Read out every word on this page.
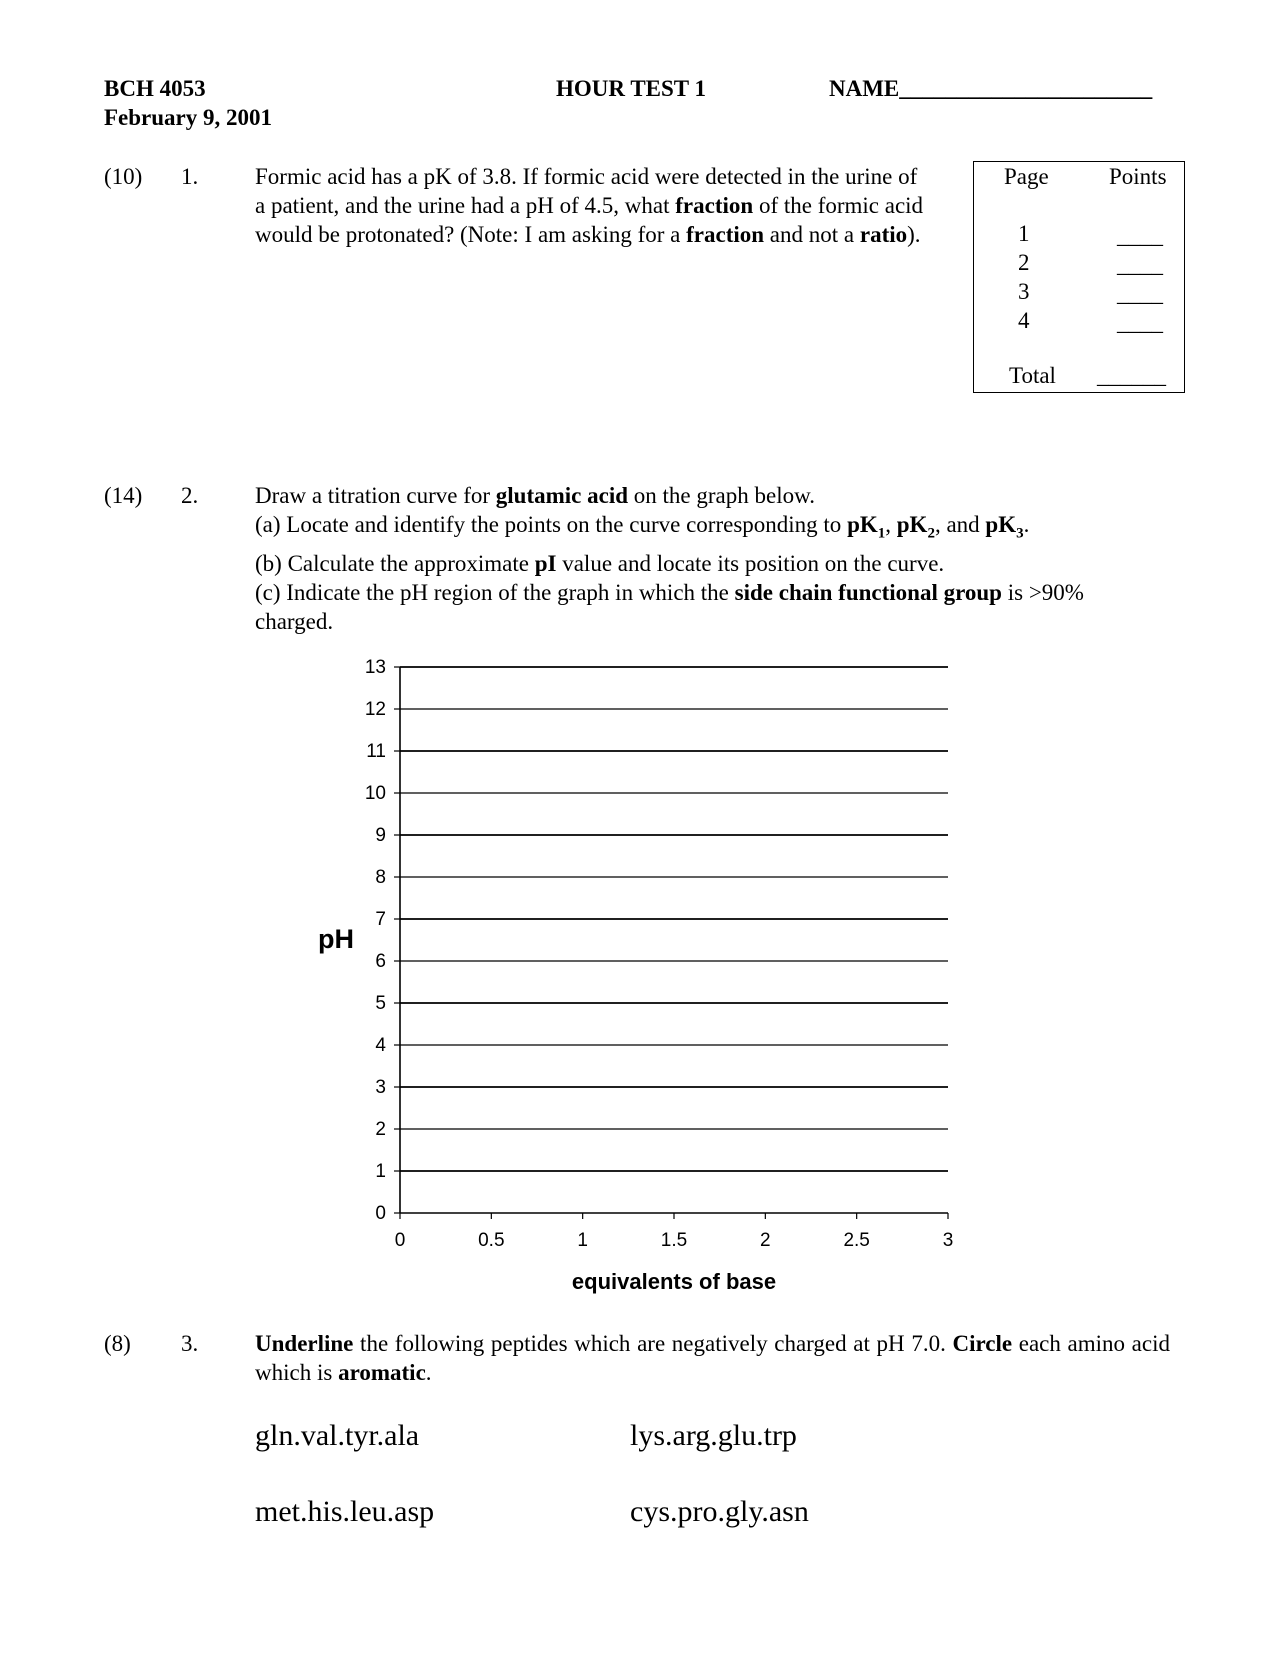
BCH 4053
February 9, 2001
HOUR TEST 1	NAME______________________
Page	Points
1	____
2	____
3	____
4	____
Total ______
(10) 1. Formic acid has a pK of 3.8. If formic acid were detected in the urine of a patient, and the urine had a pH of 4.5, what fraction of the formic acid would be protonated? (Note: I am asking for a fraction and not a ratio).
(14) 2. Draw a titration curve for glutamic acid on the graph below.
(a) Locate and identify the points on the curve corresponding to $pK_1$, $pK_2$, and $pK_3$.
(b) Calculate the approximate pI value and locate its position on the curve.
(c) Indicate the pH region of the graph in which the side chain functional group is >90% charged.
0
1
2
3
4
5
6
7
8
9
10
11
12
13
0	0.5	1	1.5	2	2.5	3
equivalents of base
pH
(8) 3. Underline the following peptides which are negatively charged at pH 7.0. Circle each amino acid which is aromatic.
gln.val.tyr.ala	lys.arg.glu.trp
met.his.leu.asp	cys.pro.gly.asn
